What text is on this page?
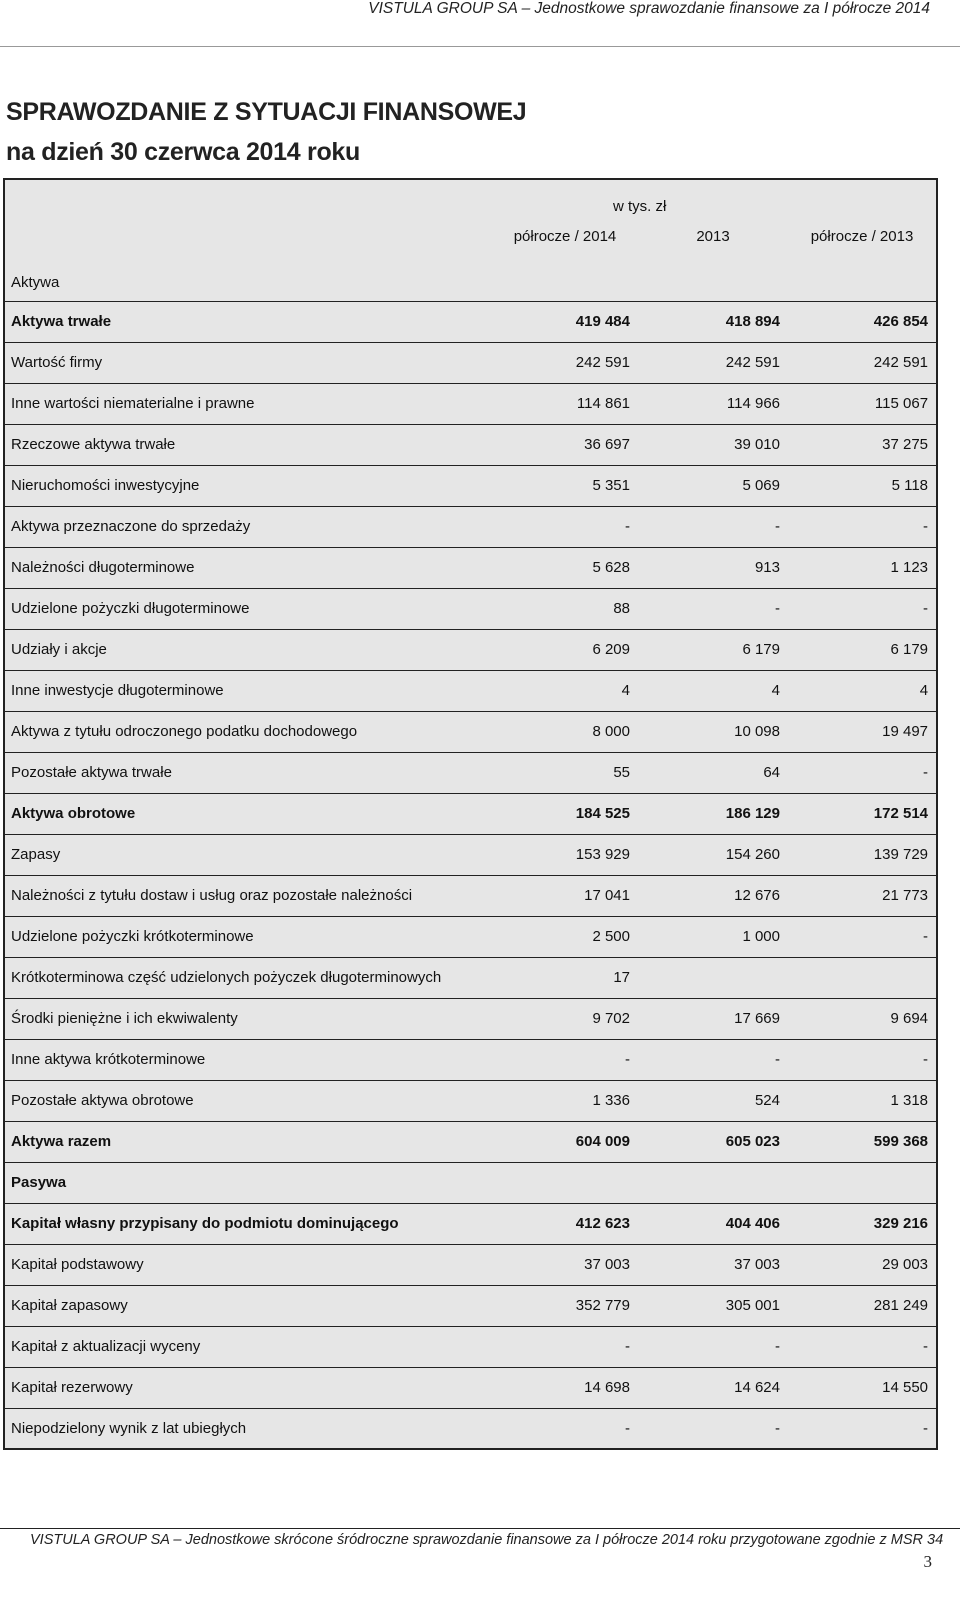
VISTULA GROUP SA – Jednostkowe sprawozdanie finansowe za I półrocze 2014
SPRAWOZDANIE Z SYTUACJI FINANSOWEJ
na dzień 30 czerwca 2014 roku
	w tys. zł		
	półrocze / 2014	2013	półrocze / 2013
Aktywa			
Aktywa trwałe	419 484	418 894	426 854
Wartość firmy	242 591	242 591	242 591
Inne wartości niematerialne i prawne	114 861	114 966	115 067
Rzeczowe aktywa trwałe	36 697	39 010	37 275
Nieruchomości inwestycyjne	5 351	5 069	5 118
Aktywa przeznaczone do sprzedaży	-	-	-
Należności długoterminowe	5 628	913	1 123
Udzielone pożyczki długoterminowe	88	-	-
Udziały i akcje	6 209	6 179	6 179
Inne inwestycje długoterminowe	4	4	4
Aktywa z tytułu odroczonego podatku dochodowego	8 000	10 098	19 497
Pozostałe aktywa trwałe	55	64	-
Aktywa obrotowe	184 525	186 129	172 514
Zapasy	153 929	154 260	139 729
Należności z tytułu dostaw i usług oraz pozostałe należności	17 041	12 676	21 773
Udzielone pożyczki krótkoterminowe	2 500	1 000	-
Krótkoterminowa część udzielonych pożyczek długoterminowych	17		
Środki pieniężne i ich ekwiwalenty	9 702	17 669	9 694
Inne aktywa krótkoterminowe	-	-	-
Pozostałe aktywa obrotowe	1 336	524	1 318
Aktywa razem	604 009	605 023	599 368
Pasywa			
Kapitał własny przypisany do podmiotu dominującego	412 623	404 406	329 216
Kapitał podstawowy	37 003	37 003	29 003
Kapitał zapasowy	352 779	305 001	281 249
Kapitał z aktualizacji wyceny	-	-	-
Kapitał rezerwowy	14 698	14 624	14 550
Niepodzielony wynik z lat ubiegłych	-	-	-
VISTULA GROUP SA – Jednostkowe skrócone śródroczne sprawozdanie finansowe za I półrocze 2014 roku przygotowane zgodnie z MSR 34
3
